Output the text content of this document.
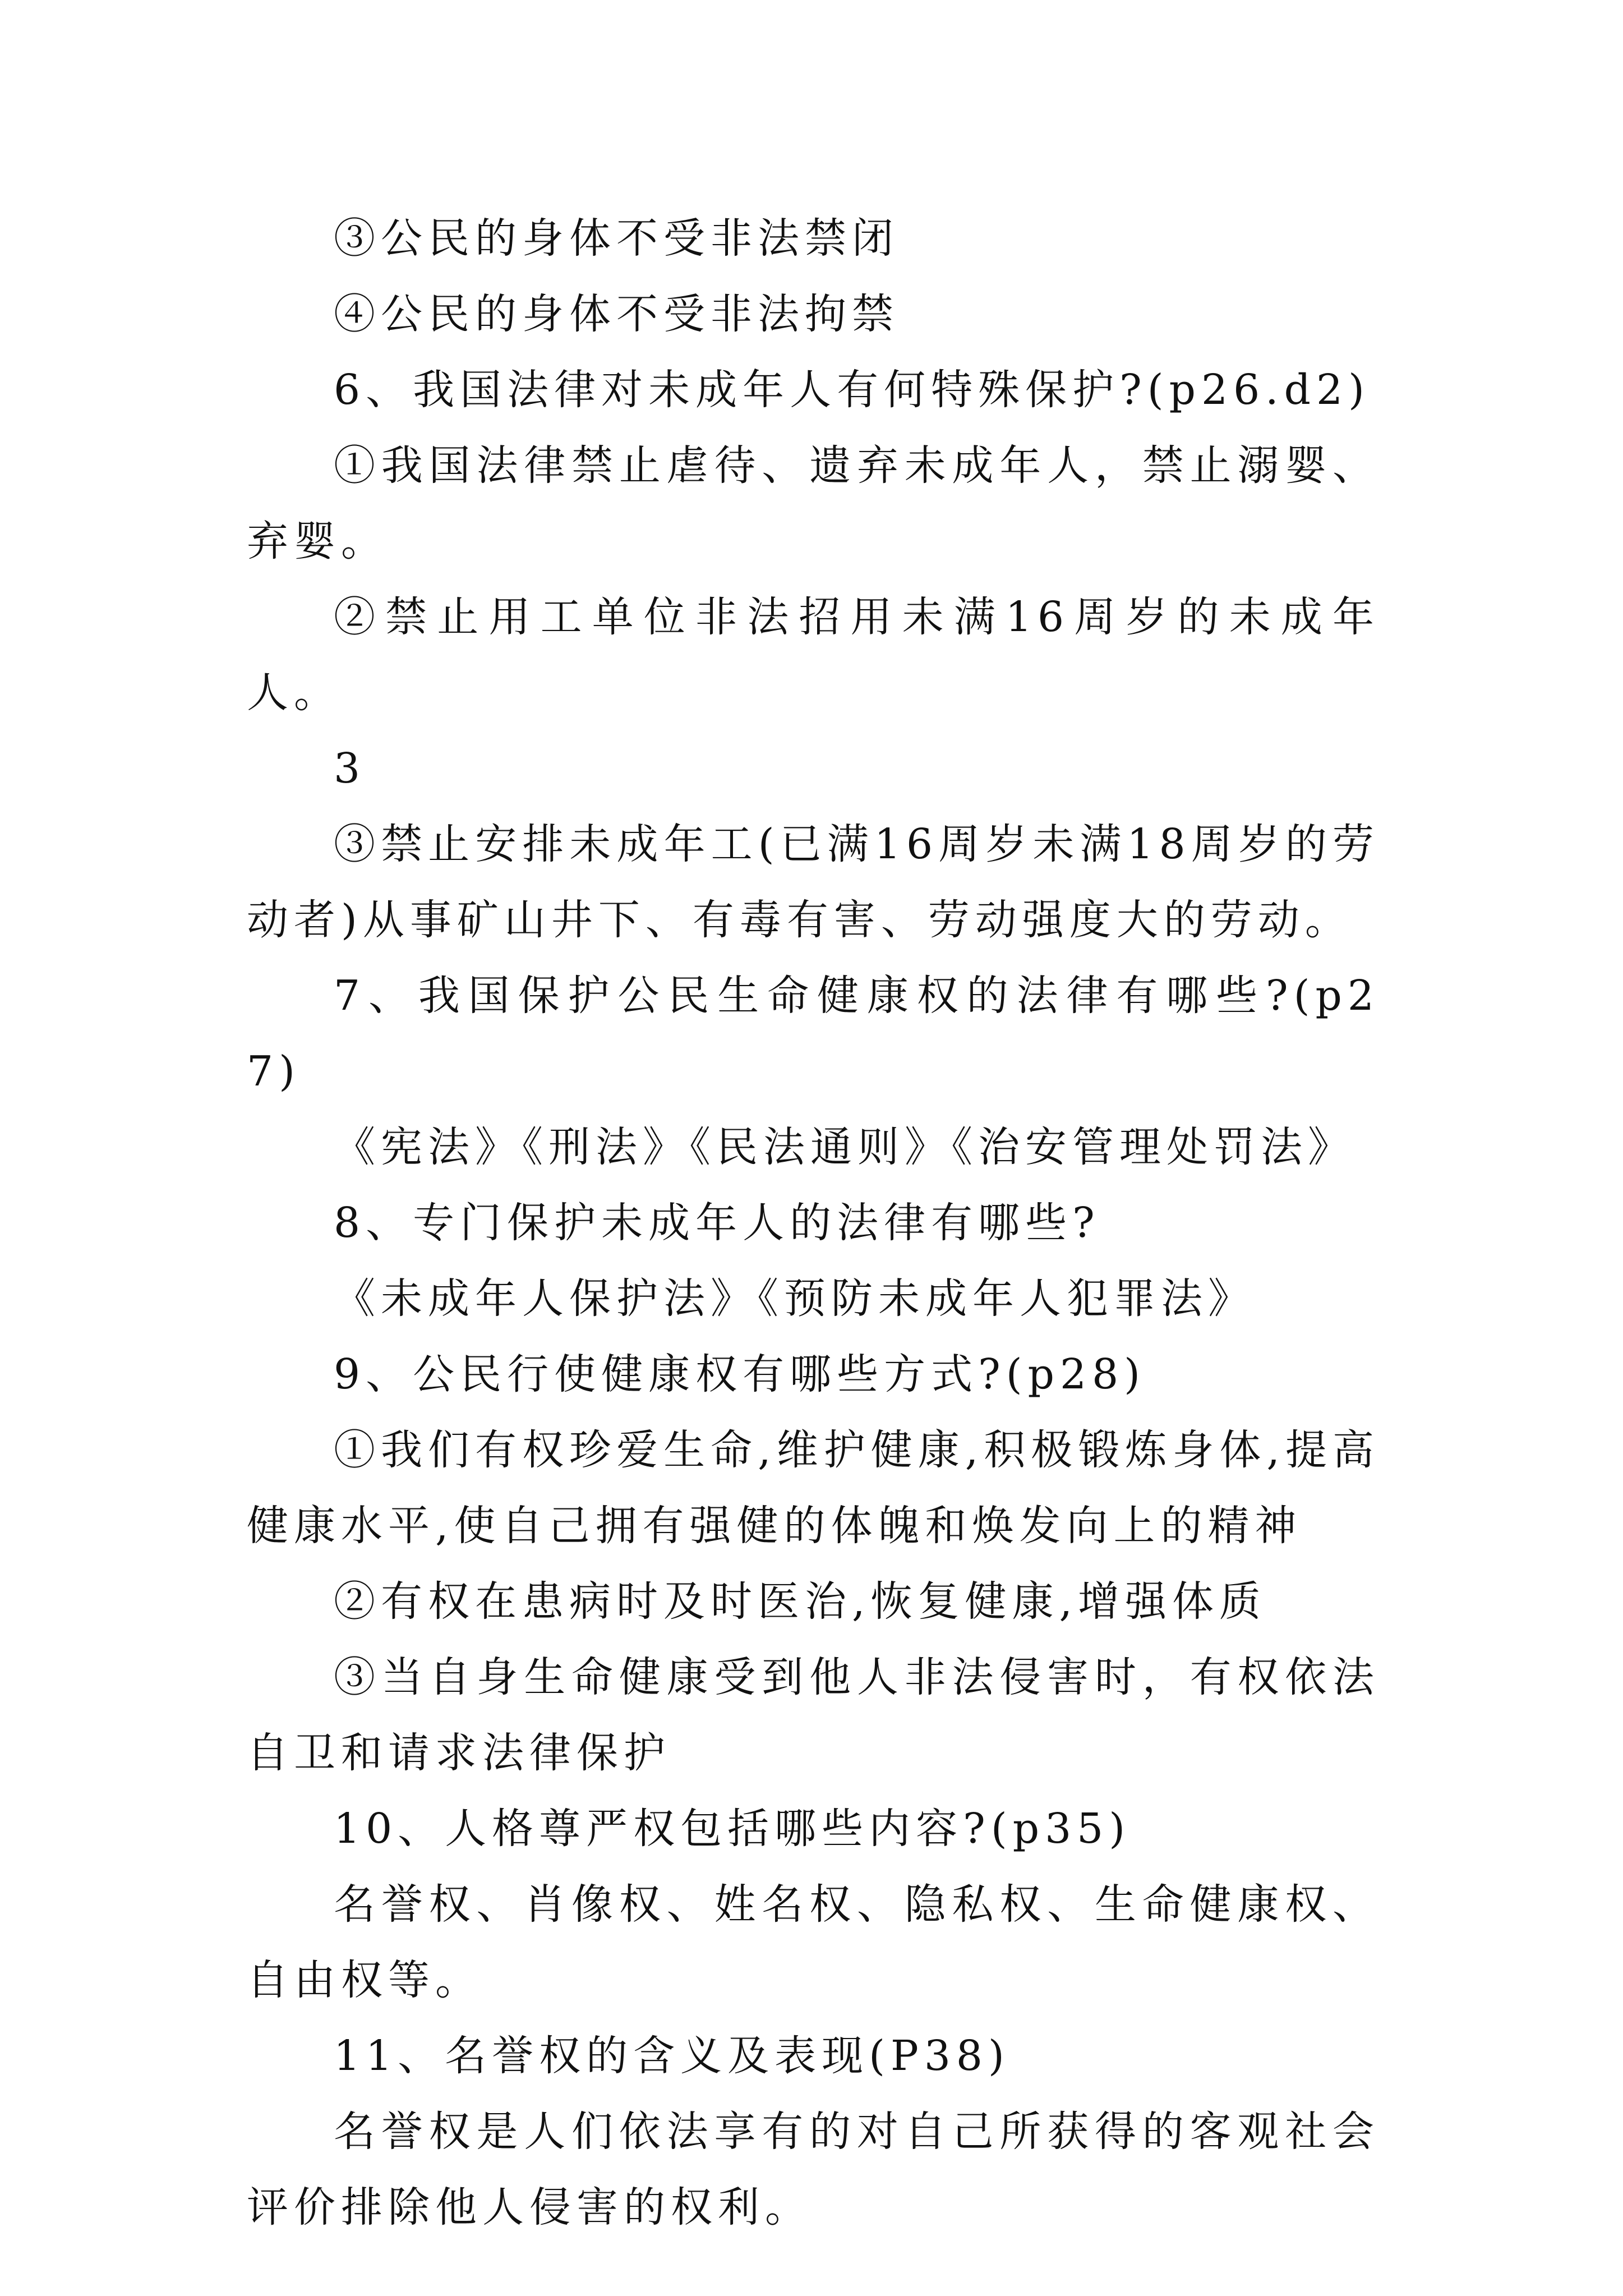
③公民的身体不受非法禁闭

④公民的身体不受非法拘禁

6、我国法律对未成年人有何特殊保护?(p26.d2)

①我国法律禁止虐待、遗弃未成年人，禁止溺婴、弃婴。

②禁止用工单位非法招用未满16周岁的未成年人。

3

③禁止安排未成年工(已满16周岁未满18周岁的劳动者)从事矿山井下、有毒有害、劳动强度大的劳动。

7、我国保护公民生命健康权的法律有哪些?(p27)

《宪法》《刑法》《民法通则》《治安管理处罚法》

8、专门保护未成年人的法律有哪些?

《未成年人保护法》《预防未成年人犯罪法》

9、公民行使健康权有哪些方式?(p28)

①我们有权珍爱生命,维护健康,积极锻炼身体,提高健康水平,使自己拥有强健的体魄和焕发向上的精神

②有权在患病时及时医治,恢复健康,增强体质

③当自身生命健康受到他人非法侵害时，有权依法自卫和请求法律保护

10、人格尊严权包括哪些内容?(p35)

名誉权、肖像权、姓名权、隐私权、生命健康权、自由权等。

11、名誉权的含义及表现(P38)

名誉权是人们依法享有的对自己所获得的客观社会评价排除他人侵害的权利。
